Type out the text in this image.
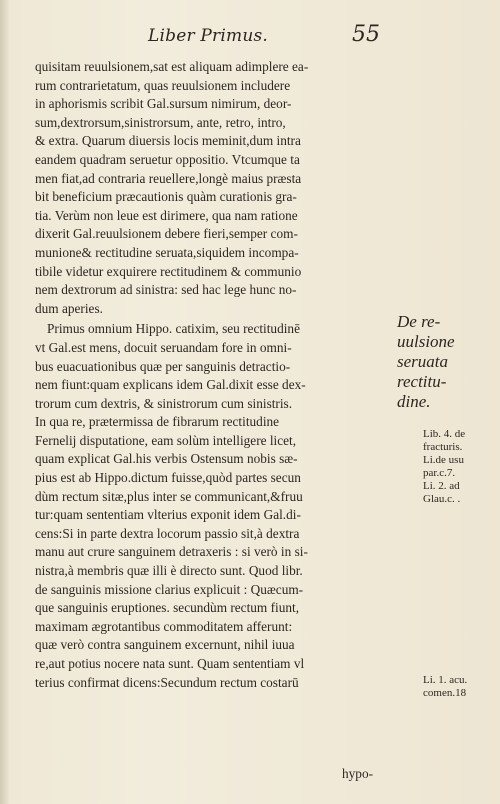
Liber Primus.	55
quisitam reuulsionem,sat est aliquam adimplere ea-
rum contrarietatum, quas reuulsionem includere
in aphorismis scribit Gal.sursum nimirum, deor-
sum,dextrorsum,sinistrorsum, ante, retro, intro,
& extra. Quarum diuersis locis meminit,dum intra
eandem quadram seruetur oppositio. Vtcumque ta
men fiat,ad contraria reuellere,longè maius præsta
bit beneficium præcautionis quàm curationis gra-
tia. Verùm non leue est dirimere, qua nam ratione
dixerit Gal.reuulsionem debere fieri,semper com-
munione& rectitudine seruata,siquidem incompa-
tibile videtur exquirere rectitudinem & communio
nem dextrorum ad sinistra: sed hac lege hunc no-
dum aperies.
Primus omnium Hippo. catixim, seu rectitudinē
vt Gal.est mens, docuit seruandam fore in omni-
bus euacuationibus quæ per sanguinis detractio-
nem fiunt:quam explicans idem Gal.dixit esse dex-
trorum cum dextris, & sinistrorum cum sinistris.
In qua re, prætermissa de fibrarum rectitudine
Fernelij disputatione, eam solùm intelligere licet,
quam explicat Gal.his verbis Ostensum nobis sæ-
pius est ab Hippo.dictum fuisse,quòd partes secun
dùm rectum sitæ,plus inter se communicant,&fruu
tur:quam sententiam vlterius exponit idem Gal.di-
cens:Si in parte dextra locorum passio sit,à dextra
manu aut crure sanguinem detraxeris : si verò in si-
nistra,à membris quæ illi è directo sunt. Quod libr.
de sanguinis missione clarius explicuit : Quæcum-
que sanguinis eruptiones. secundùm rectum fiunt,
maximam ægrotantibus commoditatem afferunt:
quæ verò contra sanguinem excernunt, nihil iuua
re,aut potius nocere nata sunt. Quam sententiam vl
terius confirmat dicens:Secundum rectum costarū
hypo-
De re-
uulsione
seruata
rectitu-
dine.
Lib. 4. de
fracturis.
Li.de usu
par.c.7.
Li. 2. ad
Glau.c. .
Li. 1. acu.
comen.18
